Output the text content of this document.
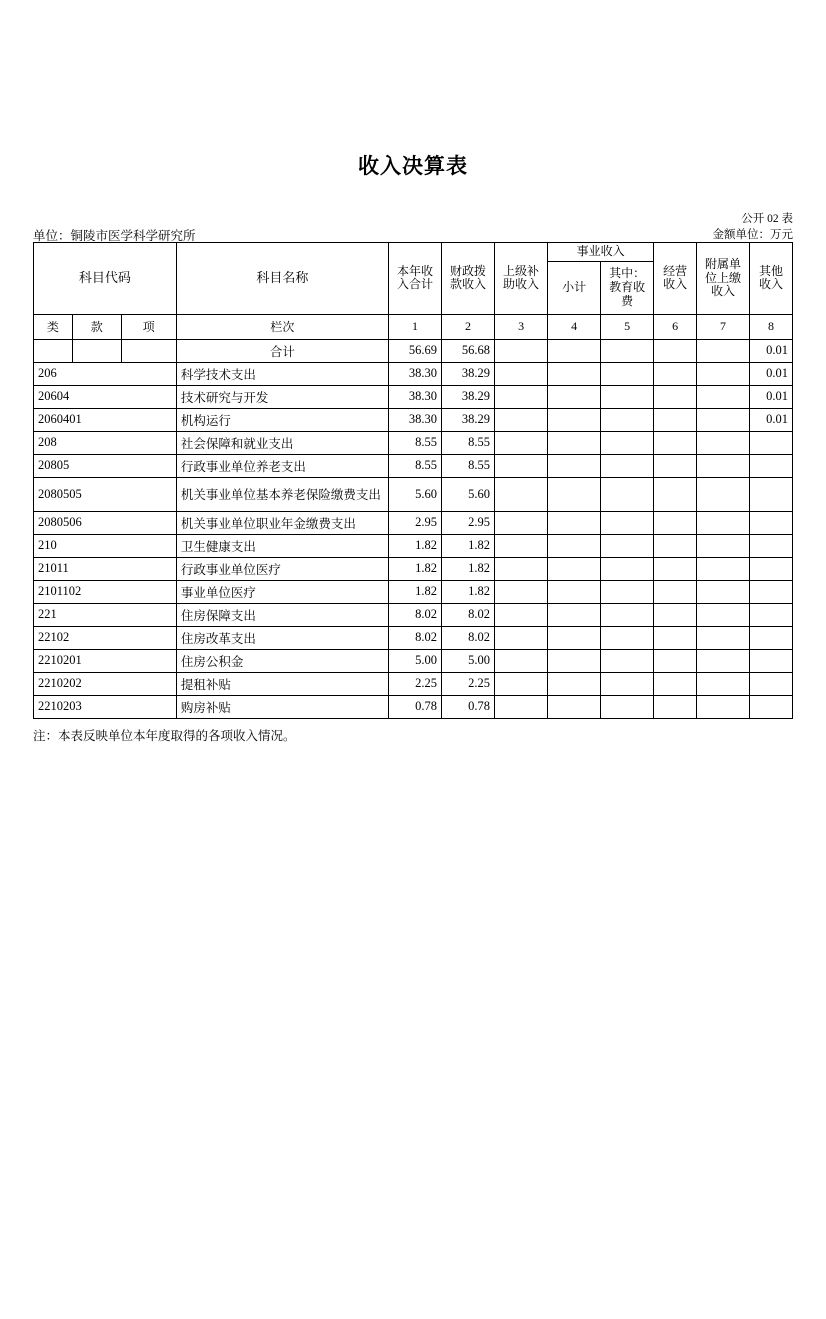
收入决算表
公开 02 表
单位：铜陵市医学科学研究所	金额单位：万元
科目代码			科目名称	本年收入合计	财政拨款收入	上级补助收入	事业收入		经营收入	附属单位上缴收入	其他收入
							小计	其中：教育收费			
类	款	项	栏次	1	2	3	4	5	6	7	8
			合计	56.69	56.68						0.01
206			科学技术支出	38.30	38.29						0.01
20604			技术研究与开发	38.30	38.29						0.01
2060401			机构运行	38.30	38.29						0.01
208			社会保障和就业支出	8.55	8.55						
20805			行政事业单位养老支出	8.55	8.55						
2080505			机关事业单位基本养老保险缴费支出	5.60	5.60						
2080506			机关事业单位职业年金缴费支出	2.95	2.95						
210			卫生健康支出	1.82	1.82						
21011			行政事业单位医疗	1.82	1.82						
2101102			事业单位医疗	1.82	1.82						
221			住房保障支出	8.02	8.02						
22102			住房改革支出	8.02	8.02						
2210201			住房公积金	5.00	5.00						
2210202			提租补贴	2.25	2.25						
2210203			购房补贴	0.78	0.78						
注：本表反映单位本年度取得的各项收入情况。
